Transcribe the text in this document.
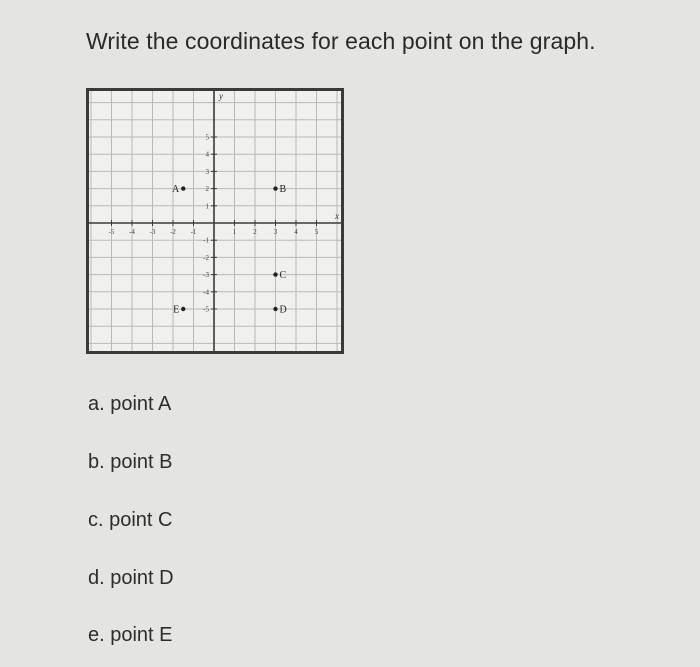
Write the coordinates for each point on the graph.
x
y
-5 -4 -3 -2 -1	1 2 3 4 5
5
4
3
2
1
-1
-2
-3
-4
-5
A	B
C
D
E
a. point A
b. point B
c. point C
d. point D
e. point E
